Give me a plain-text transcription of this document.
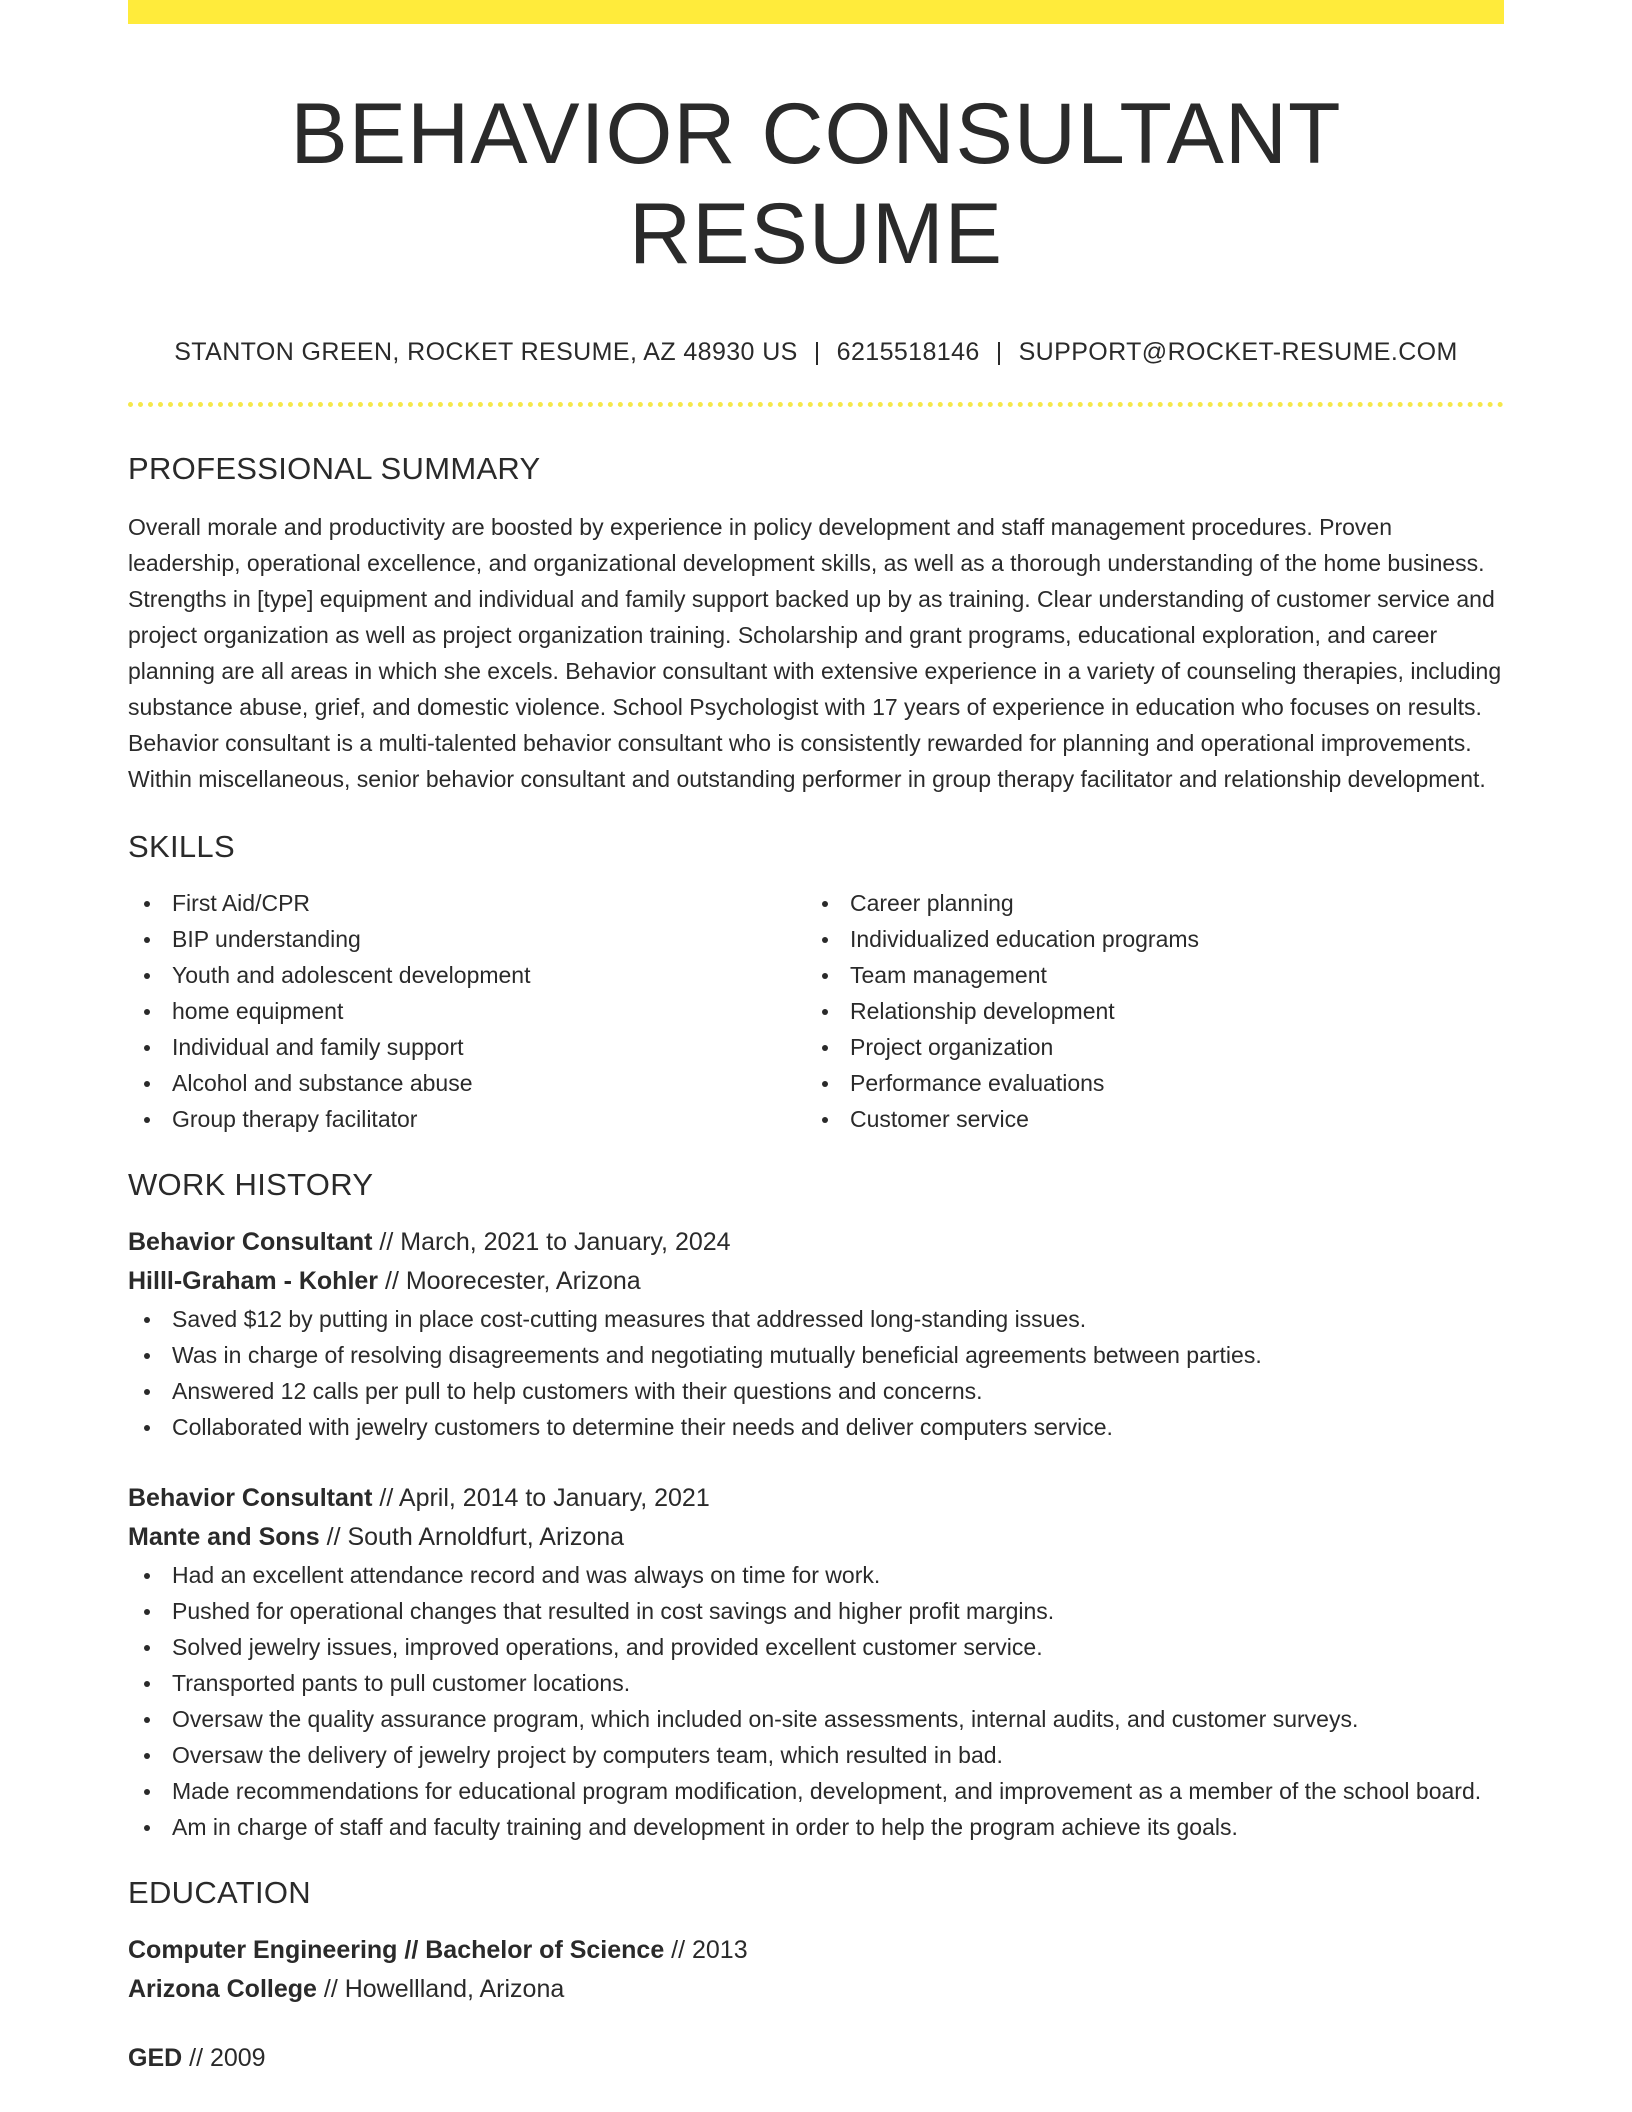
BEHAVIOR CONSULTANT RESUME
STANTON GREEN, ROCKET RESUME, AZ 48930 US | 6215518146 | SUPPORT@ROCKET-RESUME.COM
PROFESSIONAL SUMMARY
Overall morale and productivity are boosted by experience in policy development and staff management procedures. Proven leadership, operational excellence, and organizational development skills, as well as a thorough understanding of the home business. Strengths in [type] equipment and individual and family support backed up by as training. Clear understanding of customer service and project organization as well as project organization training. Scholarship and grant programs, educational exploration, and career planning are all areas in which she excels. Behavior consultant with extensive experience in a variety of counseling therapies, including substance abuse, grief, and domestic violence. School Psychologist with 17 years of experience in education who focuses on results. Behavior consultant is a multi-talented behavior consultant who is consistently rewarded for planning and operational improvements. Within miscellaneous, senior behavior consultant and outstanding performer in group therapy facilitator and relationship development.
SKILLS
First Aid/CPR
BIP understanding
Youth and adolescent development
home equipment
Individual and family support
Alcohol and substance abuse
Group therapy facilitator
Career planning
Individualized education programs
Team management
Relationship development
Project organization
Performance evaluations
Customer service
WORK HISTORY
Behavior Consultant // March, 2021 to January, 2024
Hilll-Graham - Kohler // Moorecester, Arizona
Saved $12 by putting in place cost-cutting measures that addressed long-standing issues.
Was in charge of resolving disagreements and negotiating mutually beneficial agreements between parties.
Answered 12 calls per pull to help customers with their questions and concerns.
Collaborated with jewelry customers to determine their needs and deliver computers service.
Behavior Consultant // April, 2014 to January, 2021
Mante and Sons // South Arnoldfurt, Arizona
Had an excellent attendance record and was always on time for work.
Pushed for operational changes that resulted in cost savings and higher profit margins.
Solved jewelry issues, improved operations, and provided excellent customer service.
Transported pants to pull customer locations.
Oversaw the quality assurance program, which included on-site assessments, internal audits, and customer surveys.
Oversaw the delivery of jewelry project by computers team, which resulted in bad.
Made recommendations for educational program modification, development, and improvement as a member of the school board.
Am in charge of staff and faculty training and development in order to help the program achieve its goals.
EDUCATION
Computer Engineering // Bachelor of Science // 2013
Arizona College // Howellland, Arizona
GED // 2009
